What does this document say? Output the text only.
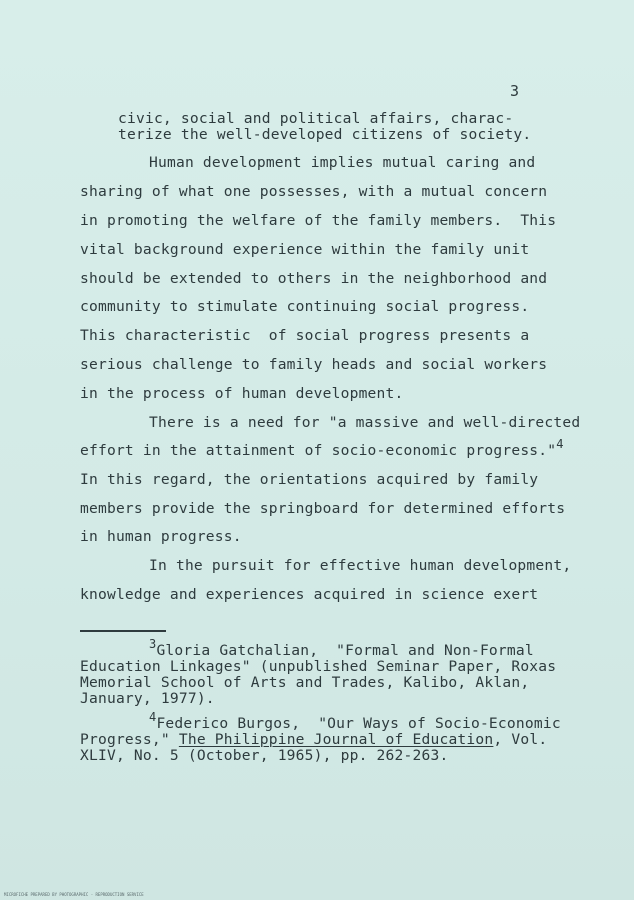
3
civic, social and political affairs, charac-
terize the well-developed citizens of society.
Human development implies mutual caring and
sharing of what one possesses, with a mutual concern
in promoting the welfare of the family members.  This
vital background experience within the family unit
should be extended to others in the neighborhood and
community to stimulate continuing social progress.
This characteristic  of social progress presents a
serious challenge to family heads and social workers
in the process of human development.
There is a need for "a massive and well-directed
effort in the attainment of socio-economic progress."$^4$
In this regard, the orientations acquired by family
members provide the springboard for determined efforts
in human progress.
In the pursuit for effective human development,
knowledge and experiences acquired in science exert
$^3$Gloria Gatchalian,  "Formal and Non-Formal
Education Linkages" (unpublished Seminar Paper, Roxas
Memorial School of Arts and Trades, Kalibo, Aklan,
January, 1977).
$^4$Federico Burgos,  "Our Ways of Socio-Economic
Progress," The Philippine Journal of Education, Vol.
XLIV, No. 5 (October, 1965), pp. 262-263.
MICROFICHE PREPARED BY PHOTOGRAPHIC - REPRODUCTION SERVICE
